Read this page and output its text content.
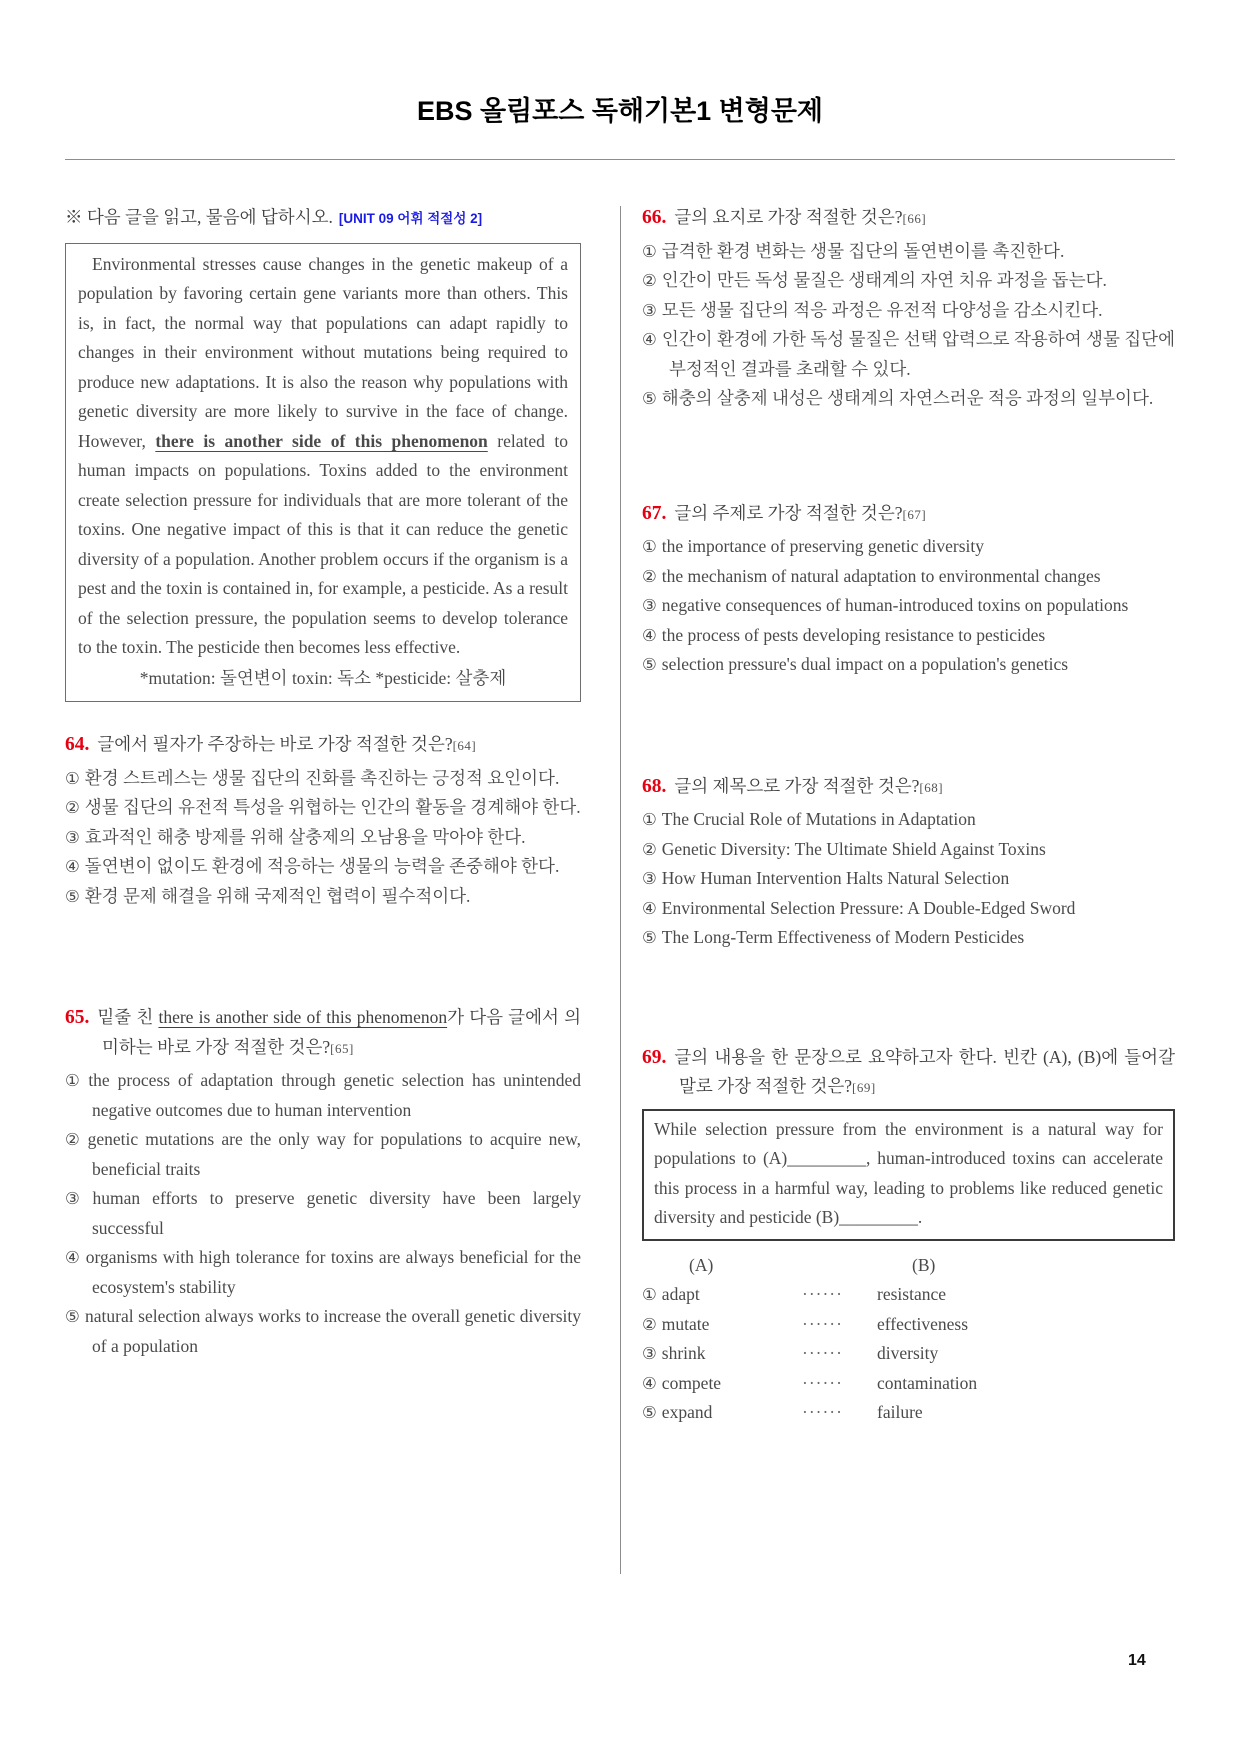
EBS 올림포스 독해기본1 변형문제
※ 다음 글을 읽고, 물음에 답하시오. [UNIT 09 어휘 적절성 2]
Environmental stresses cause changes in the genetic makeup of a population by favoring certain gene variants more than others. This is, in fact, the normal way that populations can adapt rapidly to changes in their environment without mutations being required to produce new adaptations. It is also the reason why populations with genetic diversity are more likely to survive in the face of change. However, there is another side of this phenomenon related to human impacts on populations. Toxins added to the environment create selection pressure for individuals that are more tolerant of the toxins. One negative impact of this is that it can reduce the genetic diversity of a population. Another problem occurs if the organism is a pest and the toxin is contained in, for example, a pesticide. As a result of the selection pressure, the population seems to develop tolerance to the toxin. The pesticide then becomes less effective.
*mutation: 돌연변이 toxin: 독소 *pesticide: 살충제
64. 글에서 필자가 주장하는 바로 가장 적절한 것은?[64]
① 환경 스트레스는 생물 집단의 진화를 촉진하는 긍정적 요인이다.
② 생물 집단의 유전적 특성을 위협하는 인간의 활동을 경계해야 한다.
③ 효과적인 해충 방제를 위해 살충제의 오남용을 막아야 한다.
④ 돌연변이 없이도 환경에 적응하는 생물의 능력을 존중해야 한다.
⑤ 환경 문제 해결을 위해 국제적인 협력이 필수적이다.
65. 밑줄 친 there is another side of this phenomenon가 다음 글에서 의미하는 바로 가장 적절한 것은?[65]
① the process of adaptation through genetic selection has unintended negative outcomes due to human intervention
② genetic mutations are the only way for populations to acquire new, beneficial traits
③ human efforts to preserve genetic diversity have been largely successful
④ organisms with high tolerance for toxins are always beneficial for the ecosystem's stability
⑤ natural selection always works to increase the overall genetic diversity of a population
66. 글의 요지로 가장 적절한 것은?[66]
① 급격한 환경 변화는 생물 집단의 돌연변이를 촉진한다.
② 인간이 만든 독성 물질은 생태계의 자연 치유 과정을 돕는다.
③ 모든 생물 집단의 적응 과정은 유전적 다양성을 감소시킨다.
④ 인간이 환경에 가한 독성 물질은 선택 압력으로 작용하여 생물 집단에 부정적인 결과를 초래할 수 있다.
⑤ 해충의 살충제 내성은 생태계의 자연스러운 적응 과정의 일부이다.
67. 글의 주제로 가장 적절한 것은?[67]
① the importance of preserving genetic diversity
② the mechanism of natural adaptation to environmental changes
③ negative consequences of human-introduced toxins on populations
④ the process of pests developing resistance to pesticides
⑤ selection pressure's dual impact on a population's genetics
68. 글의 제목으로 가장 적절한 것은?[68]
① The Crucial Role of Mutations in Adaptation
② Genetic Diversity: The Ultimate Shield Against Toxins
③ How Human Intervention Halts Natural Selection
④ Environmental Selection Pressure: A Double-Edged Sword
⑤ The Long-Term Effectiveness of Modern Pesticides
69. 글의 내용을 한 문장으로 요약하고자 한다. 빈칸 (A), (B)에 들어갈 말로 가장 적절한 것은?[69]
While selection pressure from the environment is a natural way for populations to (A)_________, human-introduced toxins can accelerate this process in a harmful way, leading to problems like reduced genetic diversity and pesticide (B)_________.
(A)	(B)
① adapt	······	resistance
② mutate	······	effectiveness
③ shrink	······	diversity
④ compete	······	contamination
⑤ expand	······	failure
14
